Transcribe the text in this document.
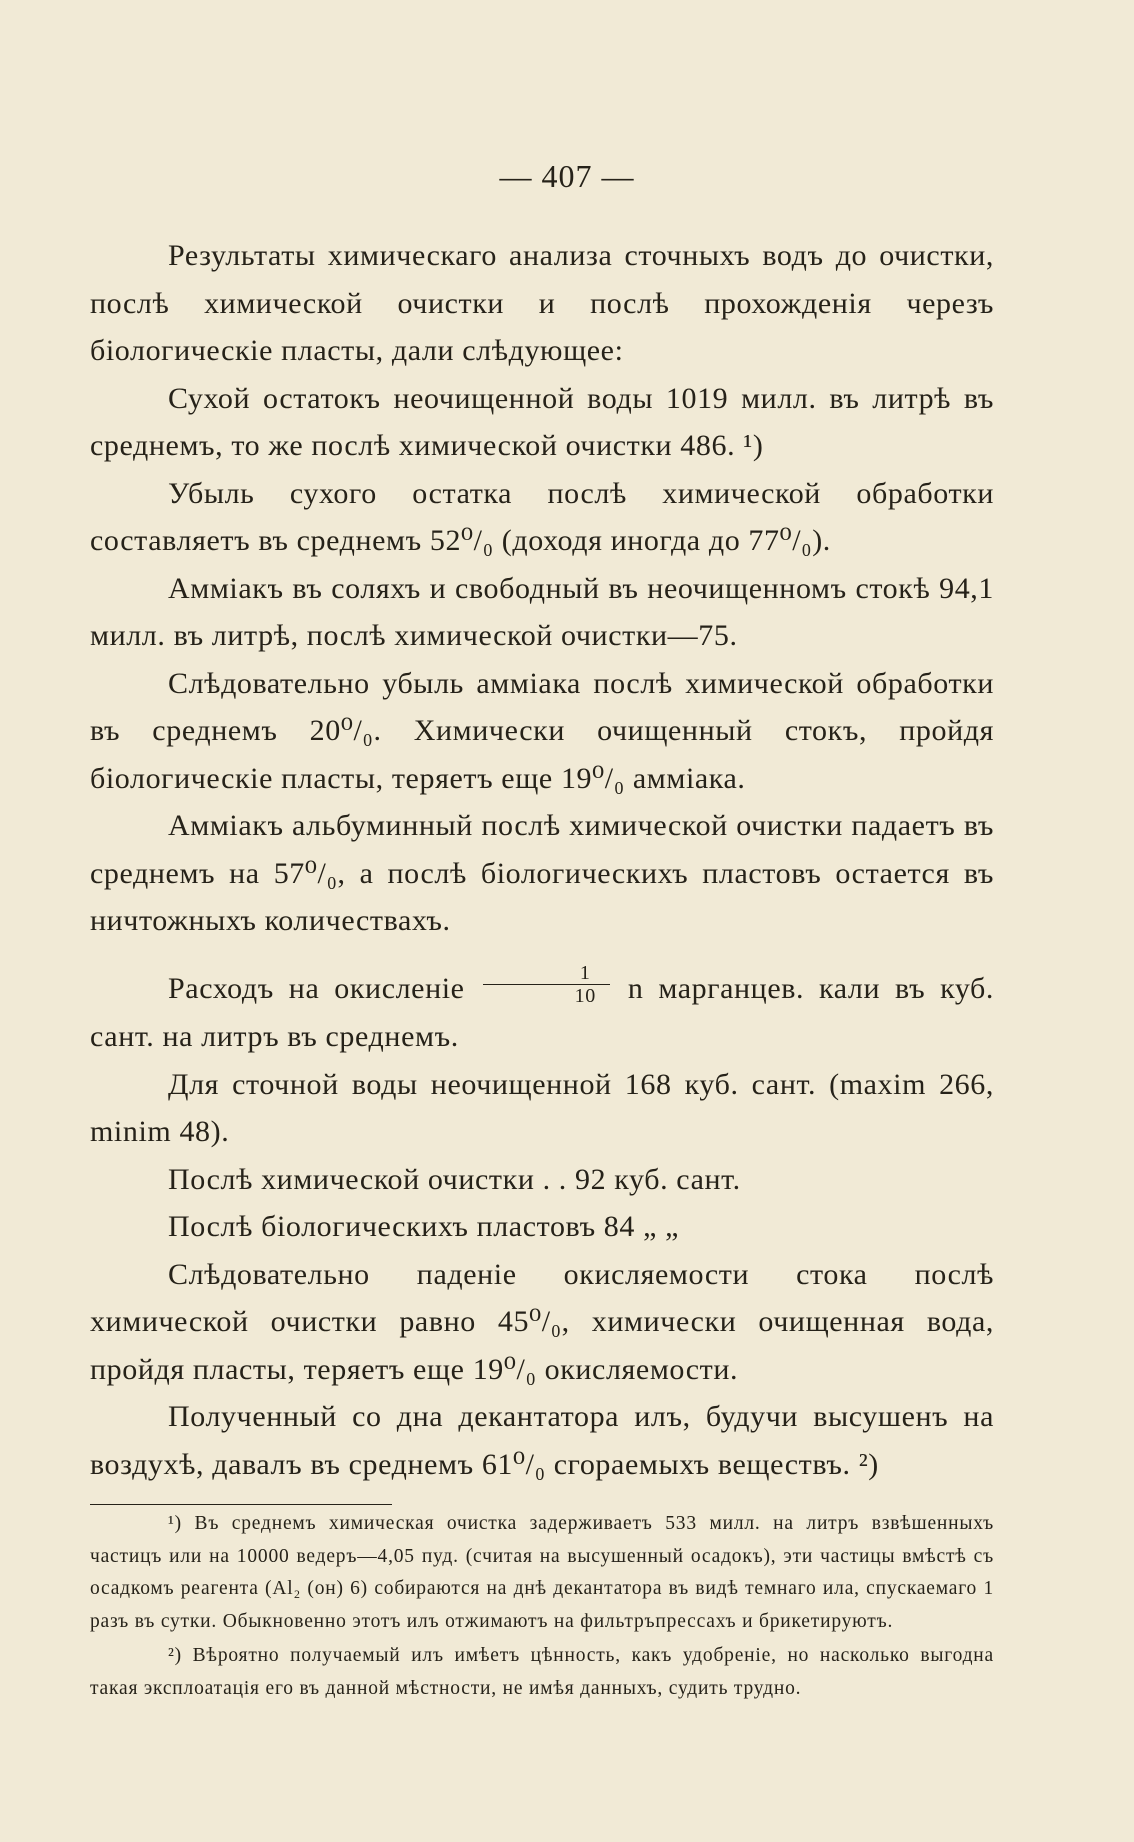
— 407 —

Результаты химическаго анализа сточныхъ водъ до очистки, послѣ химической очистки и послѣ прохожденія черезъ біологическіе пласты, дали слѣдующее:

Сухой остатокъ неочищенной воды 1019 милл. въ литрѣ въ среднемъ, то же послѣ химической очистки 486. ¹)

Убыль сухого остатка послѣ химической обработки составляетъ въ среднемъ 52⁰/₀ (доходя иногда до 77⁰/₀).

Амміакъ въ соляхъ и свободный въ неочищенномъ стокѣ 94,1 милл. въ литрѣ, послѣ химической очистки—75.

Слѣдовательно убыль амміака послѣ химической обработки въ среднемъ 20⁰/₀. Химически очищенный стокъ, пройдя біологическіе пласты, теряетъ еще 19⁰/₀ амміака.

Амміакъ альбуминный послѣ химической очистки падаетъ въ среднемъ на 57⁰/₀, а послѣ біологическихъ пластовъ остается въ ничтожныхъ количествахъ.

Расходъ на окисленіе $\frac{1}{10}$ n марганцев. кали въ куб. сант. на литръ въ среднемъ.

Для сточной воды неочищенной 168 куб. сант. (maxim 266, minim 48).

Послѣ химической очистки . . 92 куб. сант.

Послѣ біологическихъ пластовъ 84 „ „

Слѣдовательно паденіе окисляемости стока послѣ химической очистки равно 45⁰/₀, химически очищенная вода, пройдя пласты, теряетъ еще 19⁰/₀ окисляемости.

Полученный со дна декантатора илъ, будучи высушенъ на воздухѣ, давалъ въ среднемъ 61⁰/₀ сгораемыхъ веществъ. ²)

¹) Въ среднемъ химическая очистка задерживаетъ 533 милл. на литръ взвѣшенныхъ частицъ или на 10000 ведеръ—4,05 пуд. (считая на высушенный осадокъ), эти частицы вмѣстѣ съ осадкомъ реагента (Al₂ (oн) 6) собираются на днѣ декантатора въ видѣ темнаго ила, спускаемаго 1 разъ въ сутки. Обыкновенно этотъ илъ отжимаютъ на фильтръпрессахъ и брикетируютъ.

²) Вѣроятно получаемый илъ имѣетъ цѣнность, какъ удобреніе, но насколько выгодна такая эксплоатація его въ данной мѣстности, не имѣя данныхъ, судить трудно.
